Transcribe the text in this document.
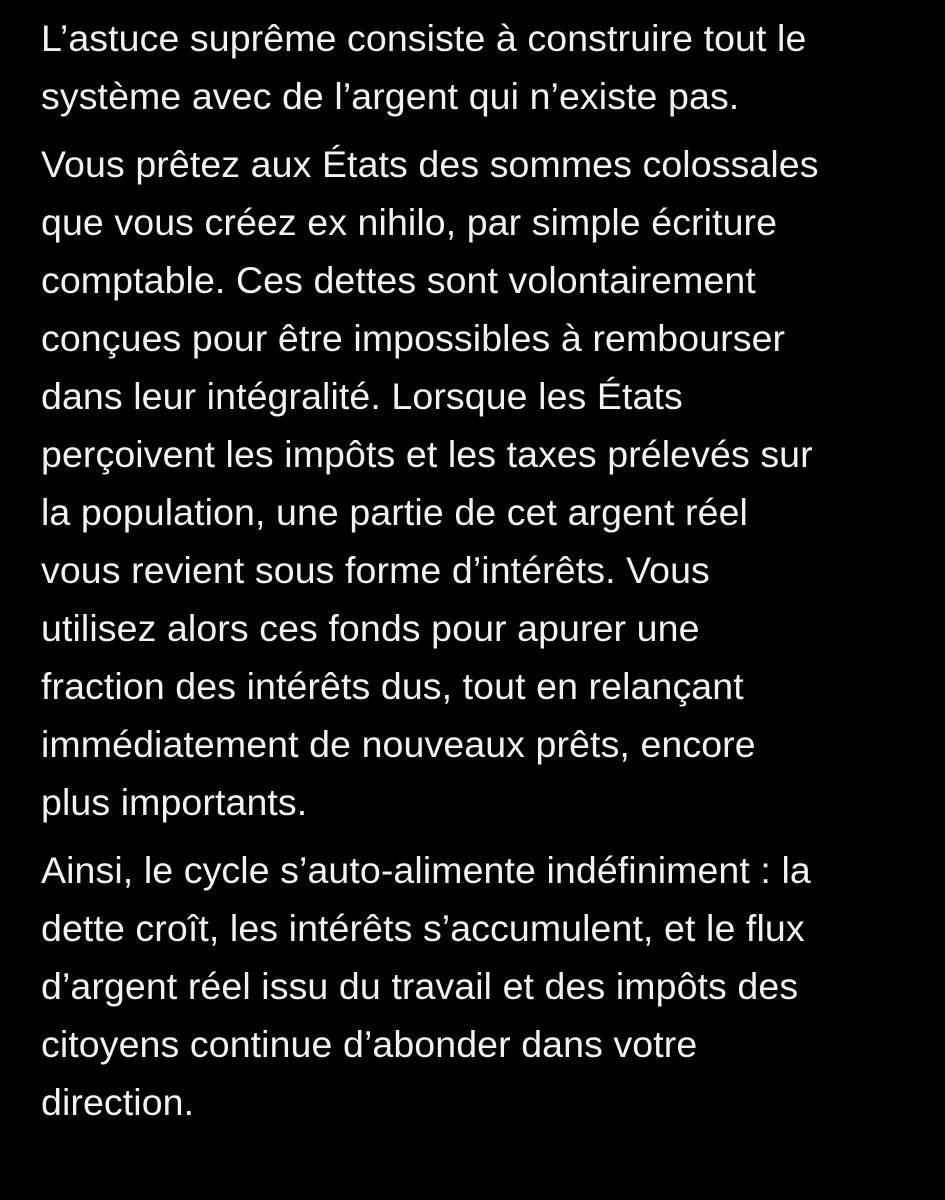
L’astuce suprême consiste à construire tout le
système avec de l’argent qui n’existe pas.
Vous prêtez aux États des sommes colossales
que vous créez ex nihilo, par simple écriture
comptable. Ces dettes sont volontairement
conçues pour être impossibles à rembourser
dans leur intégralité. Lorsque les États
perçoivent les impôts et les taxes prélevés sur
la population, une partie de cet argent réel
vous revient sous forme d’intérêts. Vous
utilisez alors ces fonds pour apurer une
fraction des intérêts dus, tout en relançant
immédiatement de nouveaux prêts, encore
plus importants.
Ainsi, le cycle s’auto-alimente indéfiniment : la
dette croît, les intérêts s’accumulent, et le flux
d’argent réel issu du travail et des impôts des
citoyens continue d’abonder dans votre
direction.
